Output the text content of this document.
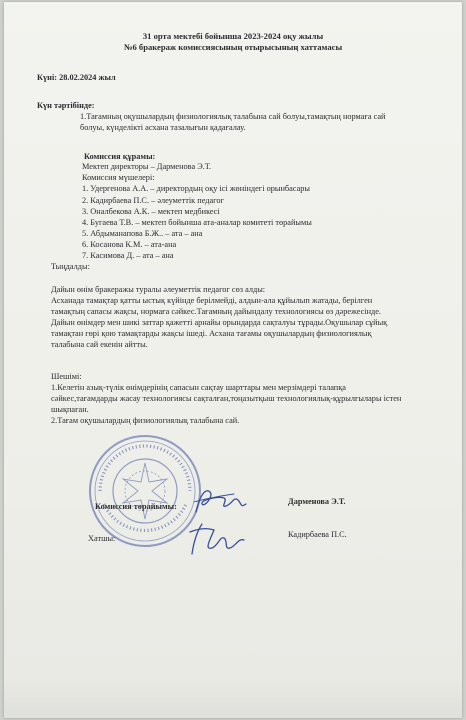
31 орта мектебі бойынша 2023-2024 оқу жылы
№6 бракераж комиссиясының отырысының хаттамасы
Күні: 28.02.2024 жыл
Күн тәртібінде:
1.Тағамның оқушылардың физиологиялық талабына сай болуы,тамақтың нормаға сай
болуы, күнделікті асхана тазалығын қадағалау.
Комиссия құрамы:
Мектеп директоры – Дарменова Э.Т.
Комиссия мүшелері:
1. Удергенова А.А. – директордың оқу ісі жөніндегі орынбасары
2. Кадирбаева П.С. – әлеуметтік педагог
3. Оналбекова А.К. – мектеп медбикесі
4. Бугаева Т.В. – мектеп бойынша ата-аналар комитеті төрайымы
5. Абдыманапова Б.Ж.. – ата – ана
6. Косанова К.М. – ата-ана
7. Касимова Д. – ата – ана
Тыңдалды:
Дайын өнім бракеражы туралы әлеуметтік педагог сөз алды:
Асханада тамақтар қатты ыстық күйінде берілмейді, алдын-ала құйылып жатады, берілген
тамақтың сапасы жақсы, нормаға сәйкес.Тағамның дайындалу технологиясы өз дәрежесінде.
Дайын өнімдер мен шикі заттар қажетті арнайы орындарда сақталуы тұрады.Оқушылар сұйық
тамақтан гөрі қою тамақтарды жақсы ішеді. Асхана тағамы оқушылардың физиологиялық
талабына сай екенін айтты.
Шешімі:
1.Келетін азық-түлік өнімдерінің сапасын сақтау шарттары мен мерзімдері талапқа
сәйкес,тағамдарды жасау технологиясы сақталған,тоңазытқыш технологиялық-құрылғылары істен
шықпаған.
2.Тағам оқушылардың физиологиялық талабына сай.
Комиссия төрайымы:
Дарменова Э.Т.
Хатшы:	Кадирбаева П.С.
